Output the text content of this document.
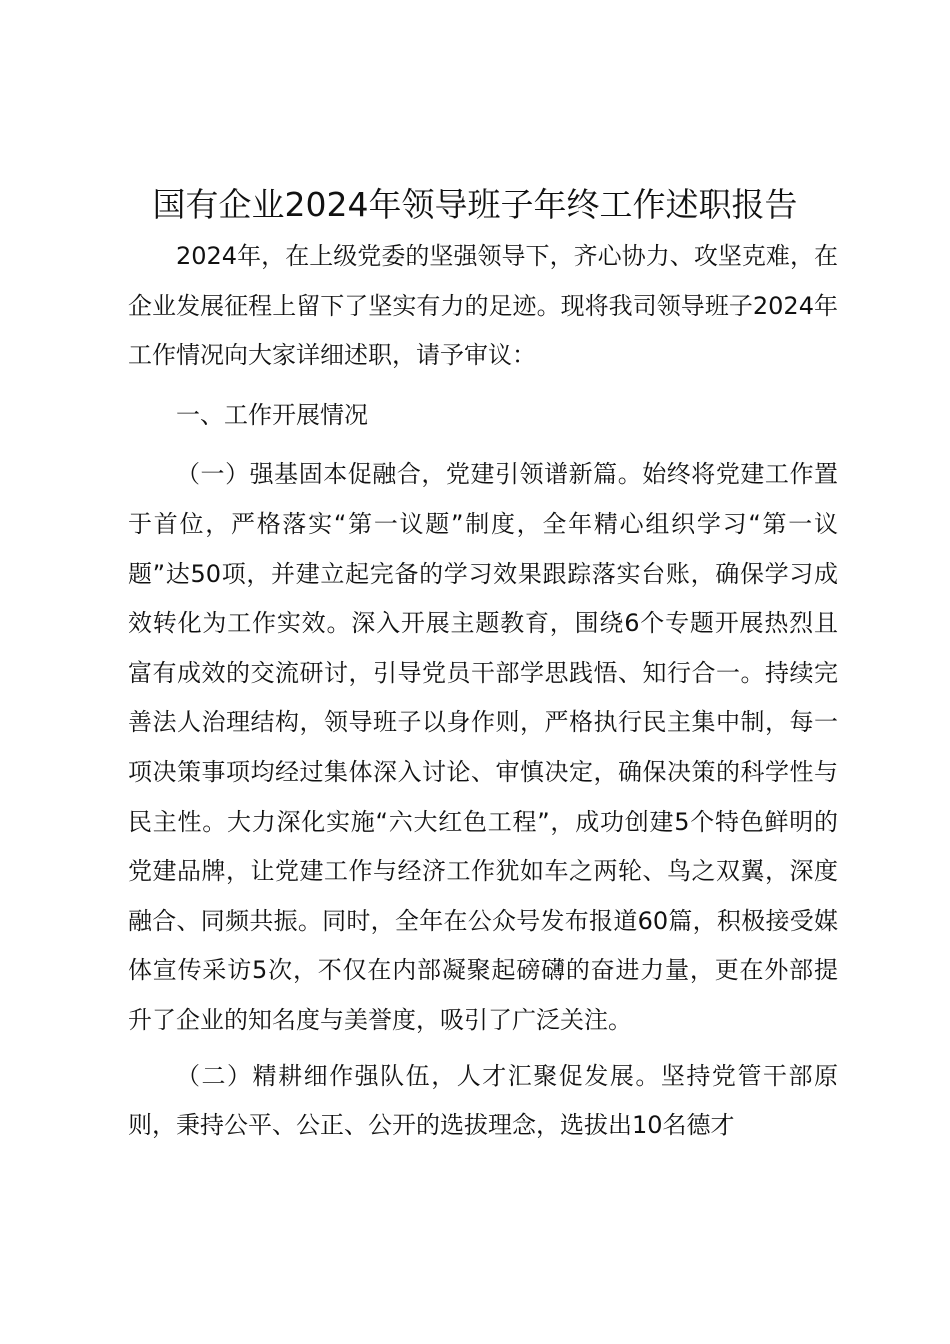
国有企业2024年领导班子年终工作述职报告

2024年，在上级党委的坚强领导下，齐心协力、攻坚克难，在企业发展征程上留下了坚实有力的足迹。现将我司领导班子2024年工作情况向大家详细述职，请予审议：

一、工作开展情况

（一）强基固本促融合，党建引领谱新篇。始终将党建工作置于首位，严格落实“第一议题”制度，全年精心组织学习“第一议题”达50项，并建立起完备的学习效果跟踪落实台账，确保学习成效转化为工作实效。深入开展主题教育，围绕6个专题开展热烈且富有成效的交流研讨，引导党员干部学思践悟、知行合一。持续完善法人治理结构，领导班子以身作则，严格执行民主集中制，每一项决策事项均经过集体深入讨论、审慎决定，确保决策的科学性与民主性。大力深化实施“六大红色工程”，成功创建5个特色鲜明的党建品牌，让党建工作与经济工作犹如车之两轮、鸟之双翼，深度融合、同频共振。同时，全年在公众号发布报道60篇，积极接受媒体宣传采访5次，不仅在内部凝聚起磅礴的奋进力量，更在外部提升了企业的知名度与美誉度，吸引了广泛关注。

（二）精耕细作强队伍，人才汇聚促发展。坚持党管干部原则，秉持公平、公正、公开的选拔理念，选拔出10名德才
